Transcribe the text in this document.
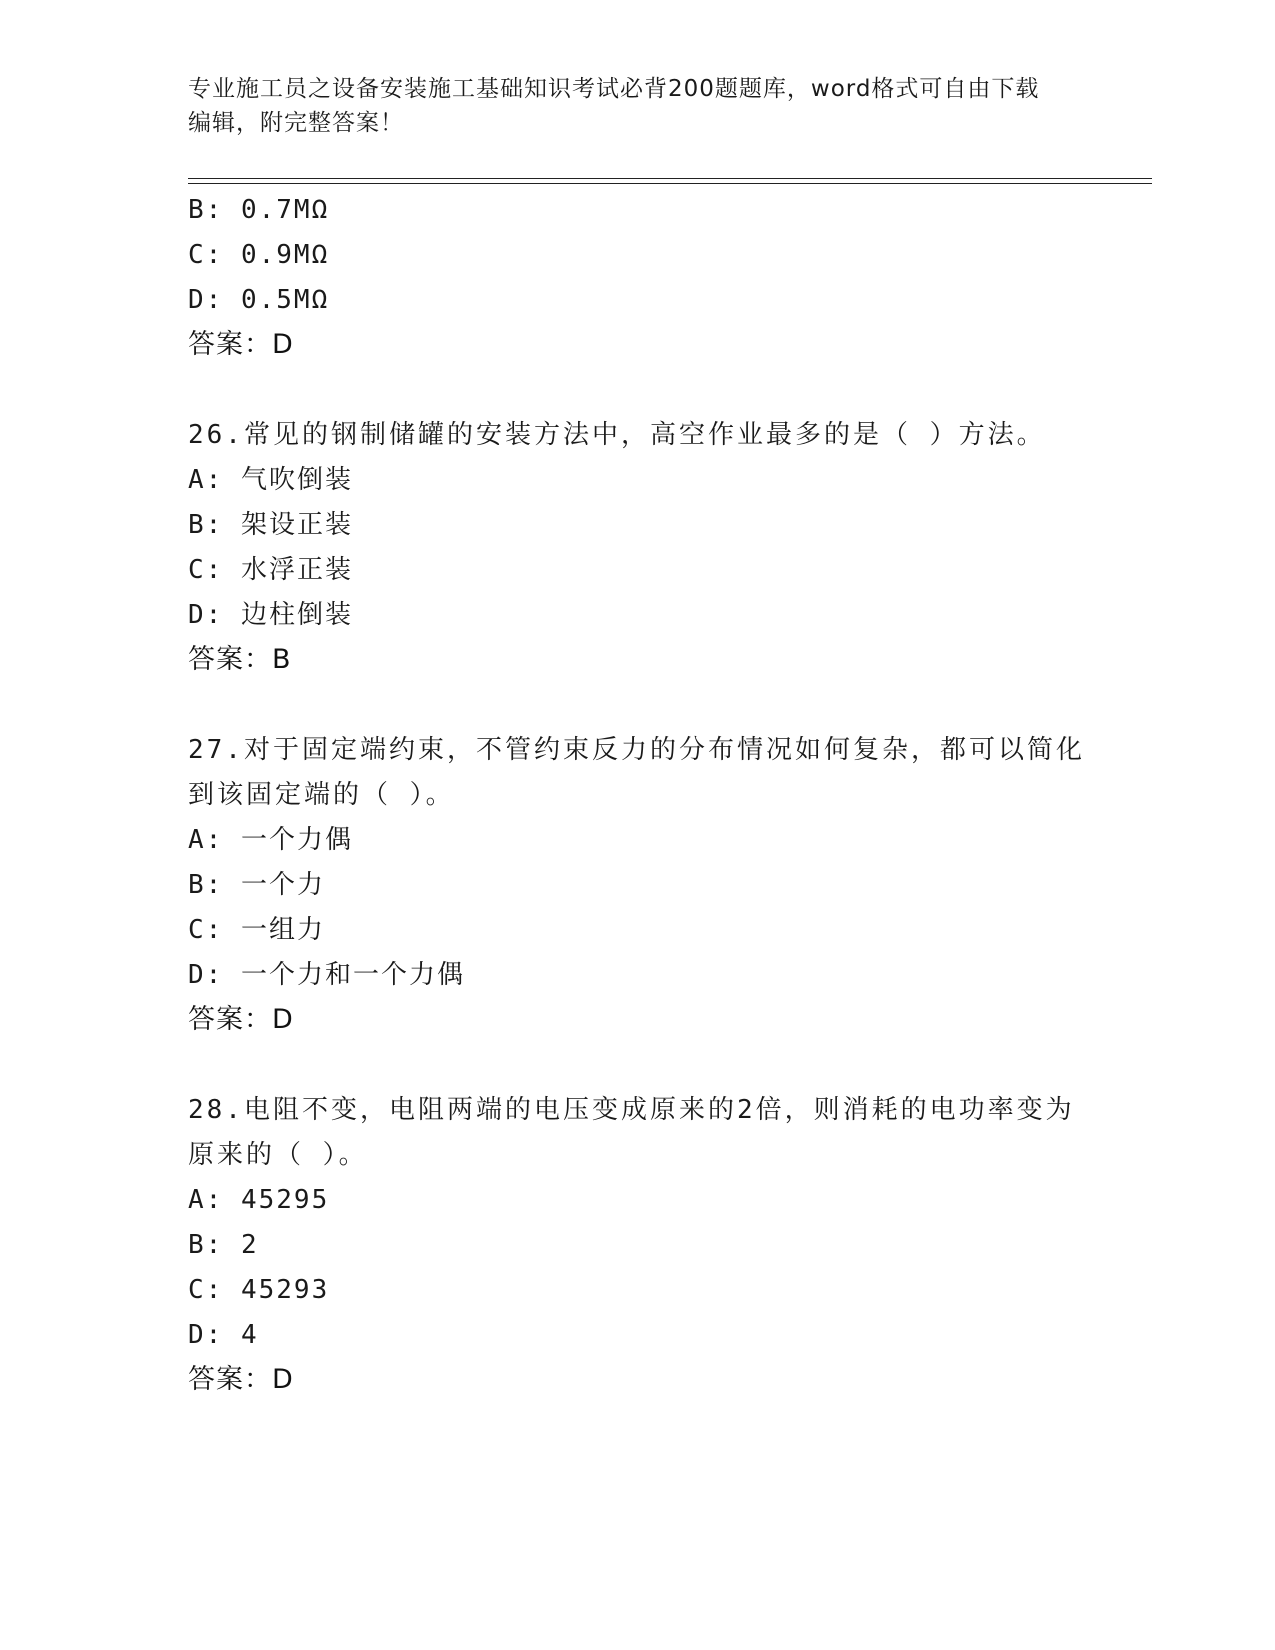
专业施工员之设备安装施工基础知识考试必背200题题库，word格式可自由下载
编辑，附完整答案！
B: 0.7MΩ
C: 0.9MΩ
D: 0.5MΩ
答案：D
26.常见的钢制储罐的安装方法中，高空作业最多的是（ ）方法。
A: 气吹倒装
B: 架设正装
C: 水浮正装
D: 边柱倒装
答案：B
27.对于固定端约束，不管约束反力的分布情况如何复杂，都可以简化
到该固定端的（ ）。
A: 一个力偶
B: 一个力
C: 一组力
D: 一个力和一个力偶
答案：D
28.电阻不变，电阻两端的电压变成原来的2倍，则消耗的电功率变为
原来的（ ）。
A: 45295
B: 2
C: 45293
D: 4
答案：D
